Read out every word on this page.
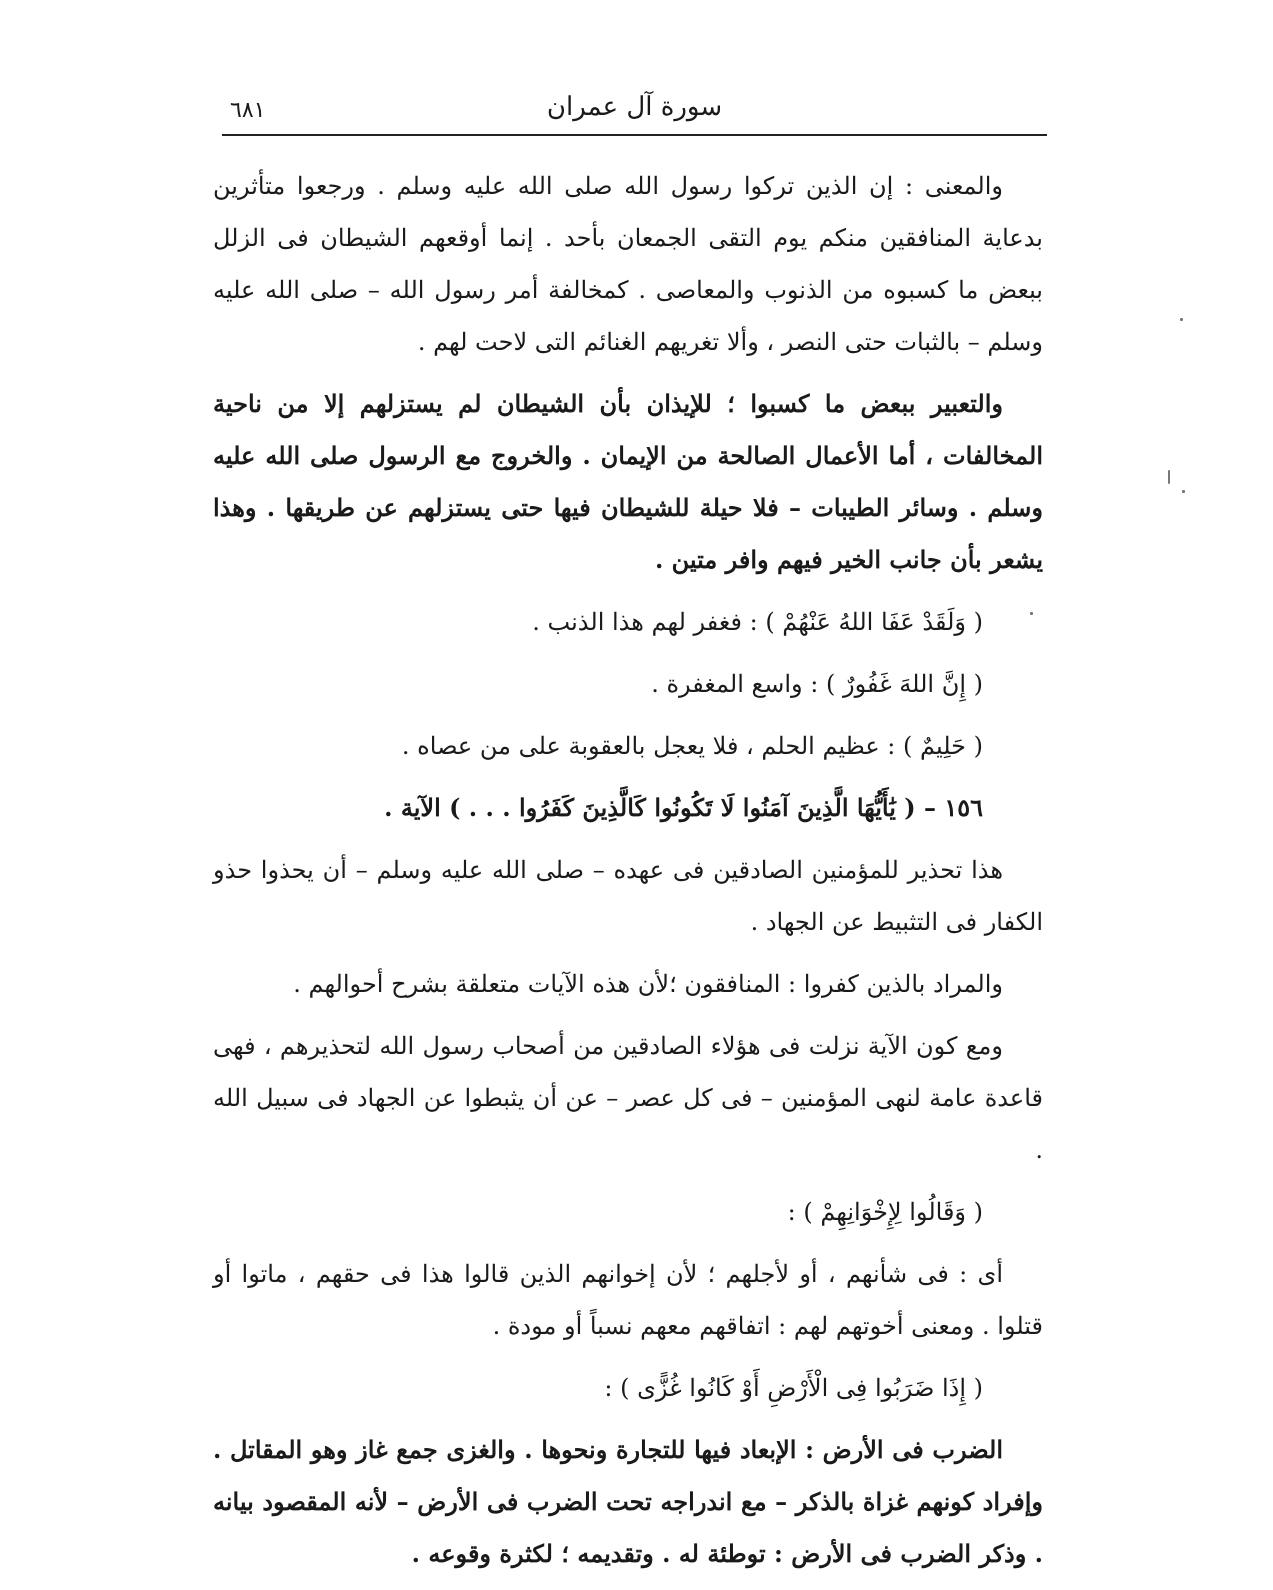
٦٨١	سورة آل عمران

والمعنى : إن الذين تركوا رسول الله صلى الله عليه وسلم . ورجعوا متأثرين بدعاية المنافقين منكم يوم التقى الجمعان بأحد . إنما أوقعهم الشيطان فى الزلل ببعض ما كسبوه من الذنوب والمعاصى . كمخالفة أمر رسول الله – صلى الله عليه وسلم – بالثبات حتى النصر ، وألا تغريهم الغنائم التى لاحت لهم .

والتعبير ببعض ما كسبوا ؛ للإيذان بأن الشيطان لم يستزلهم إلا من ناحية المخالفات ، أما الأعمال الصالحة من الإيمان . والخروج مع الرسول صلى الله عليه وسلم . وسائر الطيبات – فلا حيلة للشيطان فيها حتى يستزلهم عن طريقها . وهذا يشعر بأن جانب الخير فيهم وافر متين .

( وَلَقَدْ عَفَا اللهُ عَنْهُمْ ) : فغفر لهم هذا الذنب .

( إِنَّ اللهَ غَفُورٌ ) : واسع المغفرة .

( حَلِيمٌ ) : عظيم الحلم ، فلا يعجل بالعقوبة على من عصاه .

١٥٦ – ( يَٰأَيُّهَا الَّذِينَ آمَنُوا لَا تَكُونُوا كَالَّذِينَ كَفَرُوا . . . ) الآية .

هذا تحذير للمؤمنين الصادقين فى عهده – صلى الله عليه وسلم – أن يحذوا حذو الكفار فى التثبيط عن الجهاد .

والمراد بالذين كفروا : المنافقون ؛لأن هذه الآيات متعلقة بشرح أحوالهم .

ومع كون الآية نزلت فى هؤلاء الصادقين من أصحاب رسول الله لتحذيرهم ، فهى قاعدة عامة لنهى المؤمنين – فى كل عصر – عن أن يثبطوا عن الجهاد فى سبيل الله .

( وَقَالُوا لِإِخْوَانِهِمْ ) :

أى : فى شأنهم ، أو لأجلهم ؛ لأن إخوانهم الذين قالوا هذا فى حقهم ، ماتوا أو قتلوا . ومعنى أخوتهم لهم : اتفاقهم معهم نسباً أو مودة .

( إِذَا ضَرَبُوا فِى الْأَرْضِ أَوْ كَانُوا غُزًّى ) :

الضرب فى الأرض : الإبعاد فيها للتجارة ونحوها . والغزى جمع غاز وهو المقاتل . وإفراد كونهم غزاة بالذكر – مع اندراجه تحت الضرب فى الأرض – لأنه المقصود بيانه . وذكر الضرب فى الأرض : توطئة له . وتقديمه ؛ لكثرة وقوعه .
